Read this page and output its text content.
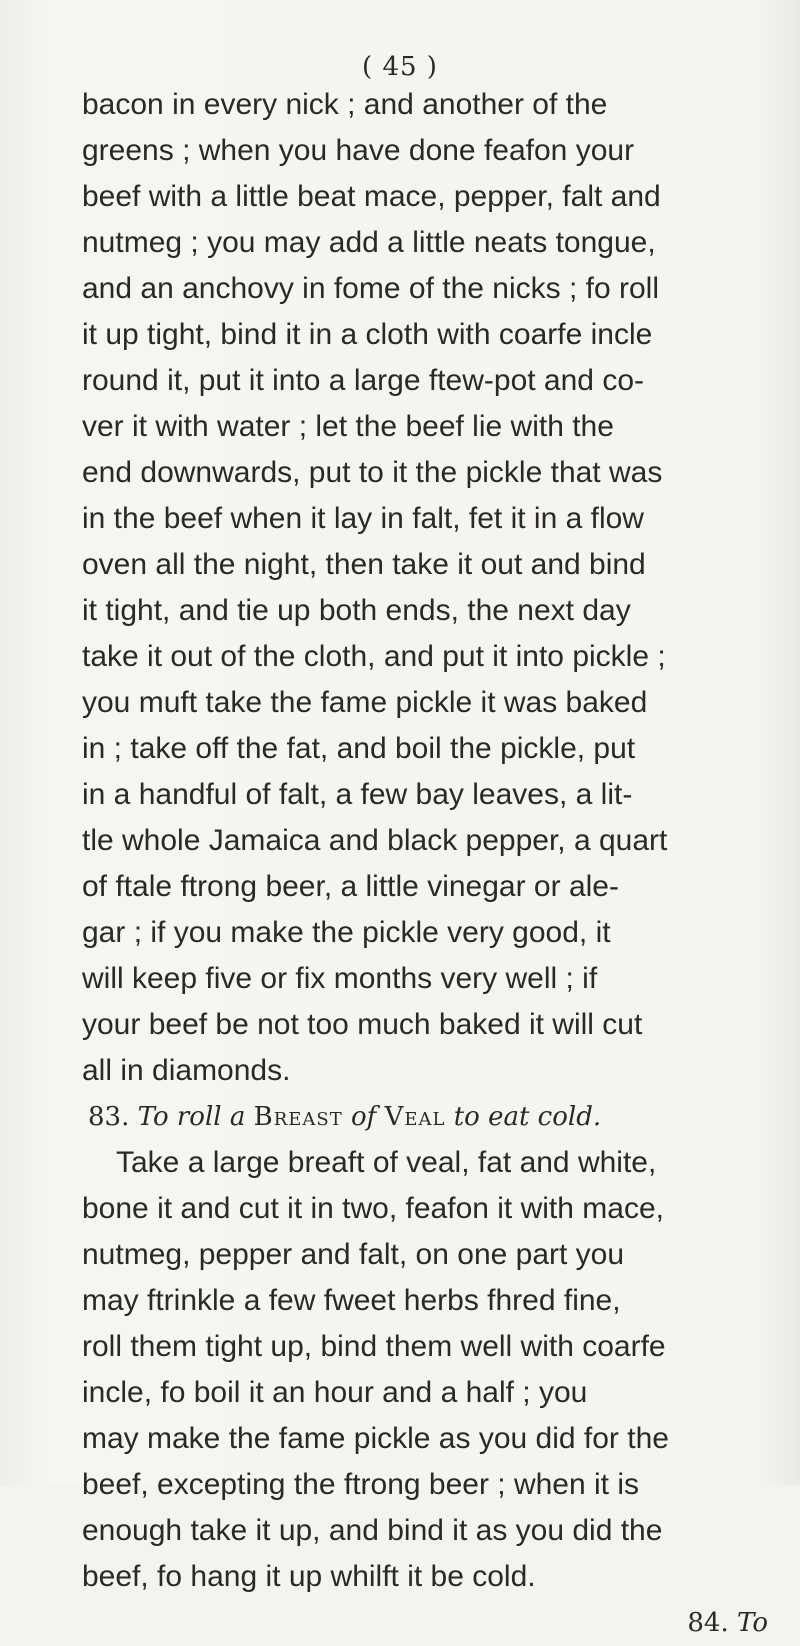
( 45 )
bacon in every nick ; and another of the
greens ; when you have done feafon your
beef with a little beat mace, pepper, falt and
nutmeg ; you may add a little neats tongue,
and an anchovy in fome of the nicks ; fo roll
it up tight, bind it in a cloth with coarfe incle
round it, put it into a large ftew-pot and co-
ver it with water ; let the beef lie with the
end downwards, put to it the pickle that was
in the beef when it lay in falt, fet it in a flow
oven all the night, then take it out and bind
it tight, and tie up both ends, the next day
take it out of the cloth, and put it into pickle ;
you muft take the fame pickle it was baked
in ; take off the fat, and boil the pickle, put
in a handful of falt, a few bay leaves, a lit-
tle whole Jamaica and black pepper, a quart
of ftale ftrong beer, a little vinegar or ale-
gar ; if you make the pickle very good, it
will keep five or fix months very well ; if
your beef be not too much baked it will cut
all in diamonds.
83. To roll a Breast of Veal to eat cold.
Take a large breaft of veal, fat and white,
bone it and cut it in two, feafon it with mace,
nutmeg, pepper and falt, on one part you
may ftrinkle a few fweet herbs fhred fine,
roll them tight up, bind them well with coarfe
incle, fo boil it an hour and a half ; you
may make the fame pickle as you did for the
beef, excepting the ftrong beer ; when it is
enough take it up, and bind it as you did the
beef, fo hang it up whilft it be cold.
84. To
